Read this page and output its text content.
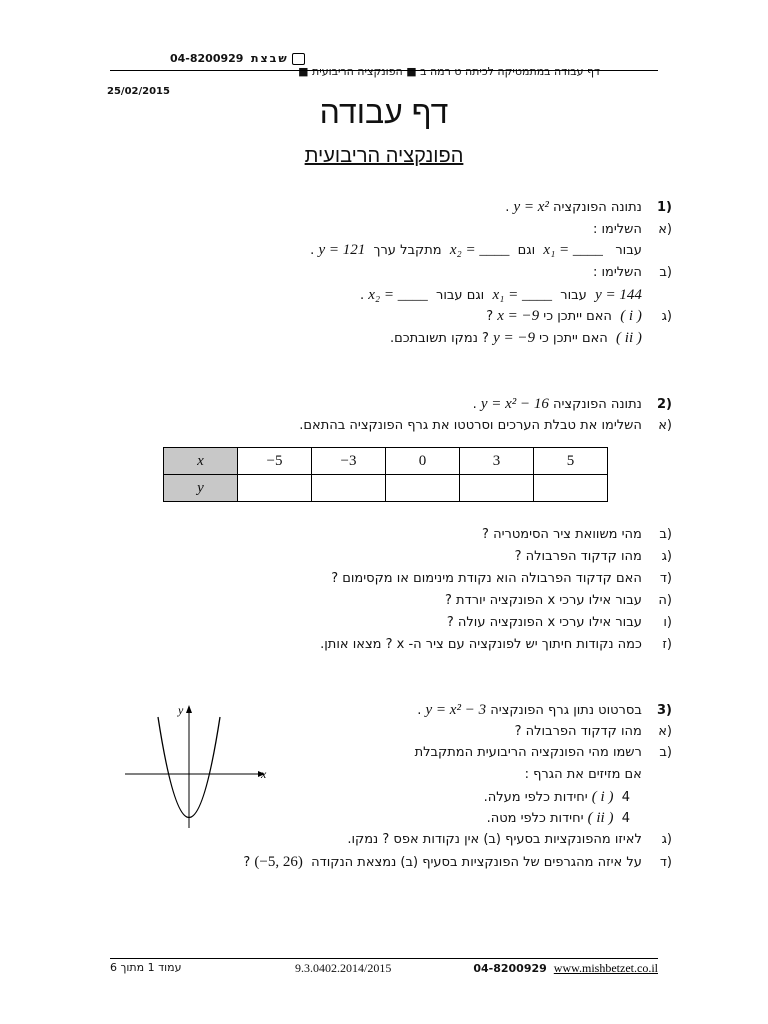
04-8200929 שבצת
דף עבודה במתמטיקה לכיתה ט רמה ב ■ הפונקציה הריבועית ■
25/02/2015
דף עבודה
הפונקציה הריבועית
(1 נתונה הפונקציה y = x² .
(א השלימו :
עבור   x₁ = ____  וגם  x₂ = ____  מתקבל ערך  y = 121 .
(ב השלימו :
y = 144  עבור  x₁ = ____  וגם עבור  x₂ = ____ .
(ג ( i )  האם ייתכן כי x = −9 ?
( ii )  האם ייתכן כי y = −9 ? נמקו תשובתכם.
(2 נתונה הפונקציה y = x² − 16 .
(א השלימו את טבלת הערכים וסרטטו את גרף הפונקציה בהתאם.
x	−5	−3	0	3	5
y					
(ב מהי משוואת ציר הסימטריה ?
(ג מהו קדקוד הפרבולה ?
(ד האם קדקוד הפרבולה הוא נקודת מינימום או מקסימום ?
(ה עבור אילו ערכי x הפונקציה יורדת ?
(ו עבור אילו ערכי x הפונקציה עולה ?
(ז כמה נקודות חיתוך יש לפונקציה עם ציר ה- x ? מצאו אותן.
(3 בסרטוט נתון גרף הפונקציה y = x² − 3 .
(א מהו קדקוד הפרבולה ?
(ב רשמו מהי הפונקציה הריבועית המתקבלת
אם מזיזים את הגרף :
( i )  4 יחידות כלפי מעלה.
( ii )  4 יחידות כלפי מטה.
(ג לאיזו מהפונקציות בסעיף (ב) אין נקודות אפס ? נמקו.
(ד על איזה מהגרפים של הפונקציות בסעיף (ב) נמצאת הנקודה  (−5, 26) ?
x
y
עמוד 1 מתוך 6	9.3.0402.2014/2015	04-8200929 www.mishbetzet.co.il
